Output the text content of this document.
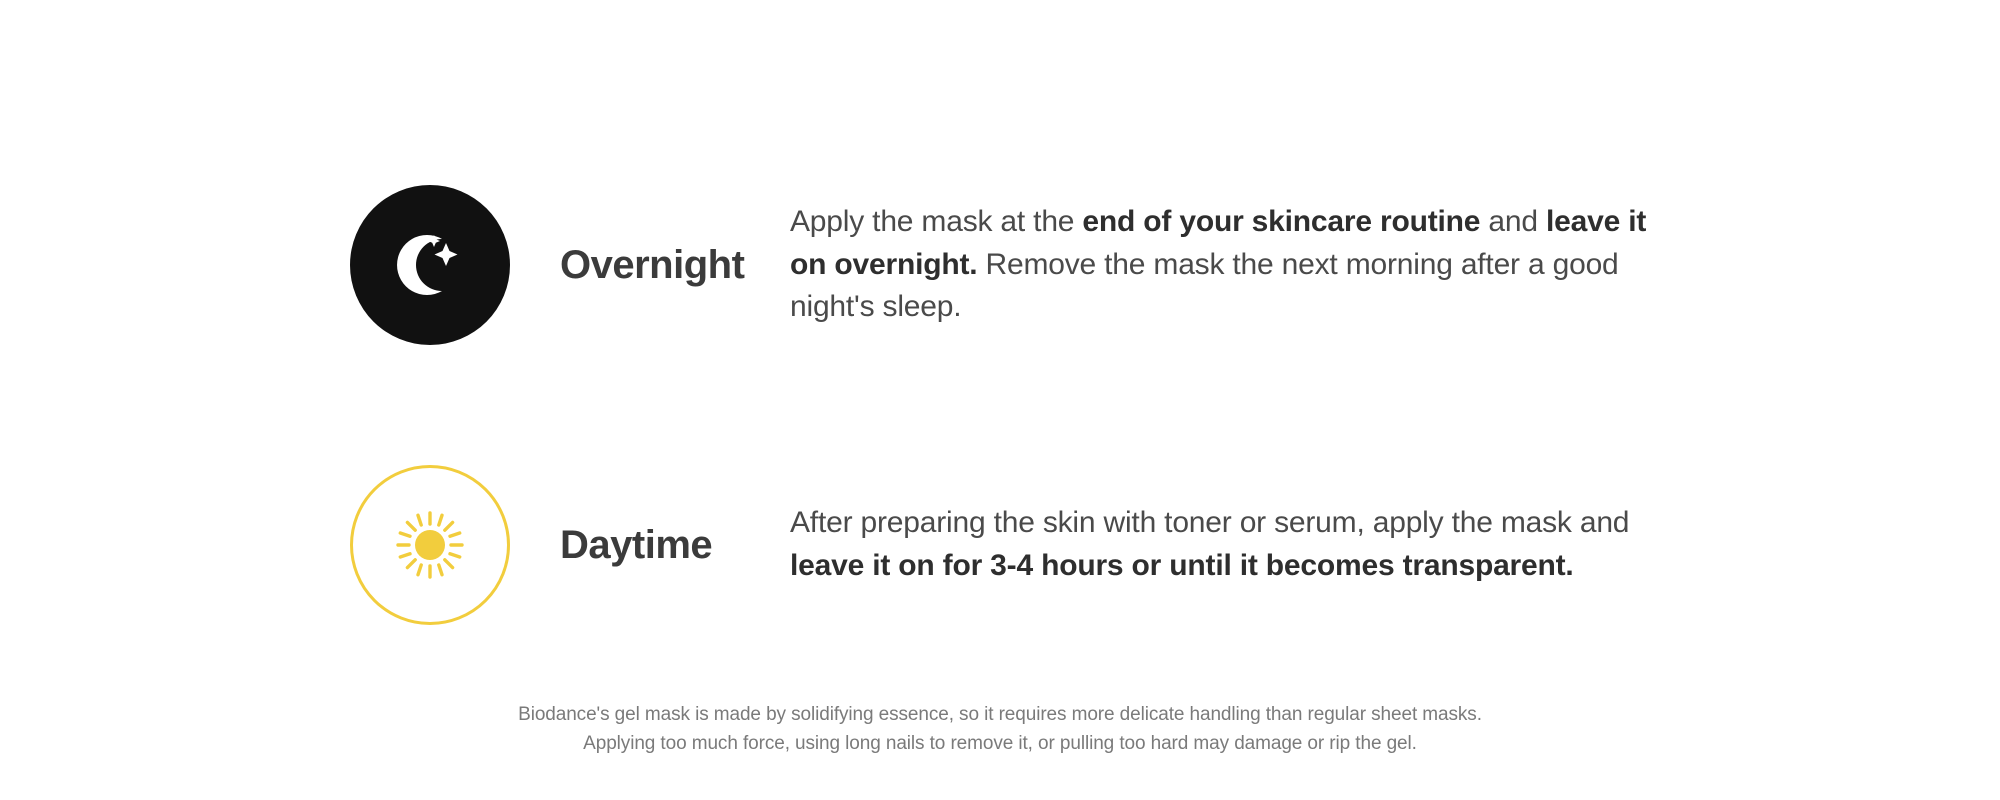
Overnight
Apply the mask at the end of your skincare routine and leave it on overnight. Remove the mask the next morning after a good night's sleep.
Daytime	After preparing the skin with toner or serum, apply the mask and leave it on for 3-4 hours or until it becomes transparent.
Biodance's gel mask is made by solidifying essence, so it requires more delicate handling than regular sheet masks.
Applying too much force, using long nails to remove it, or pulling too hard may damage or rip the gel.
